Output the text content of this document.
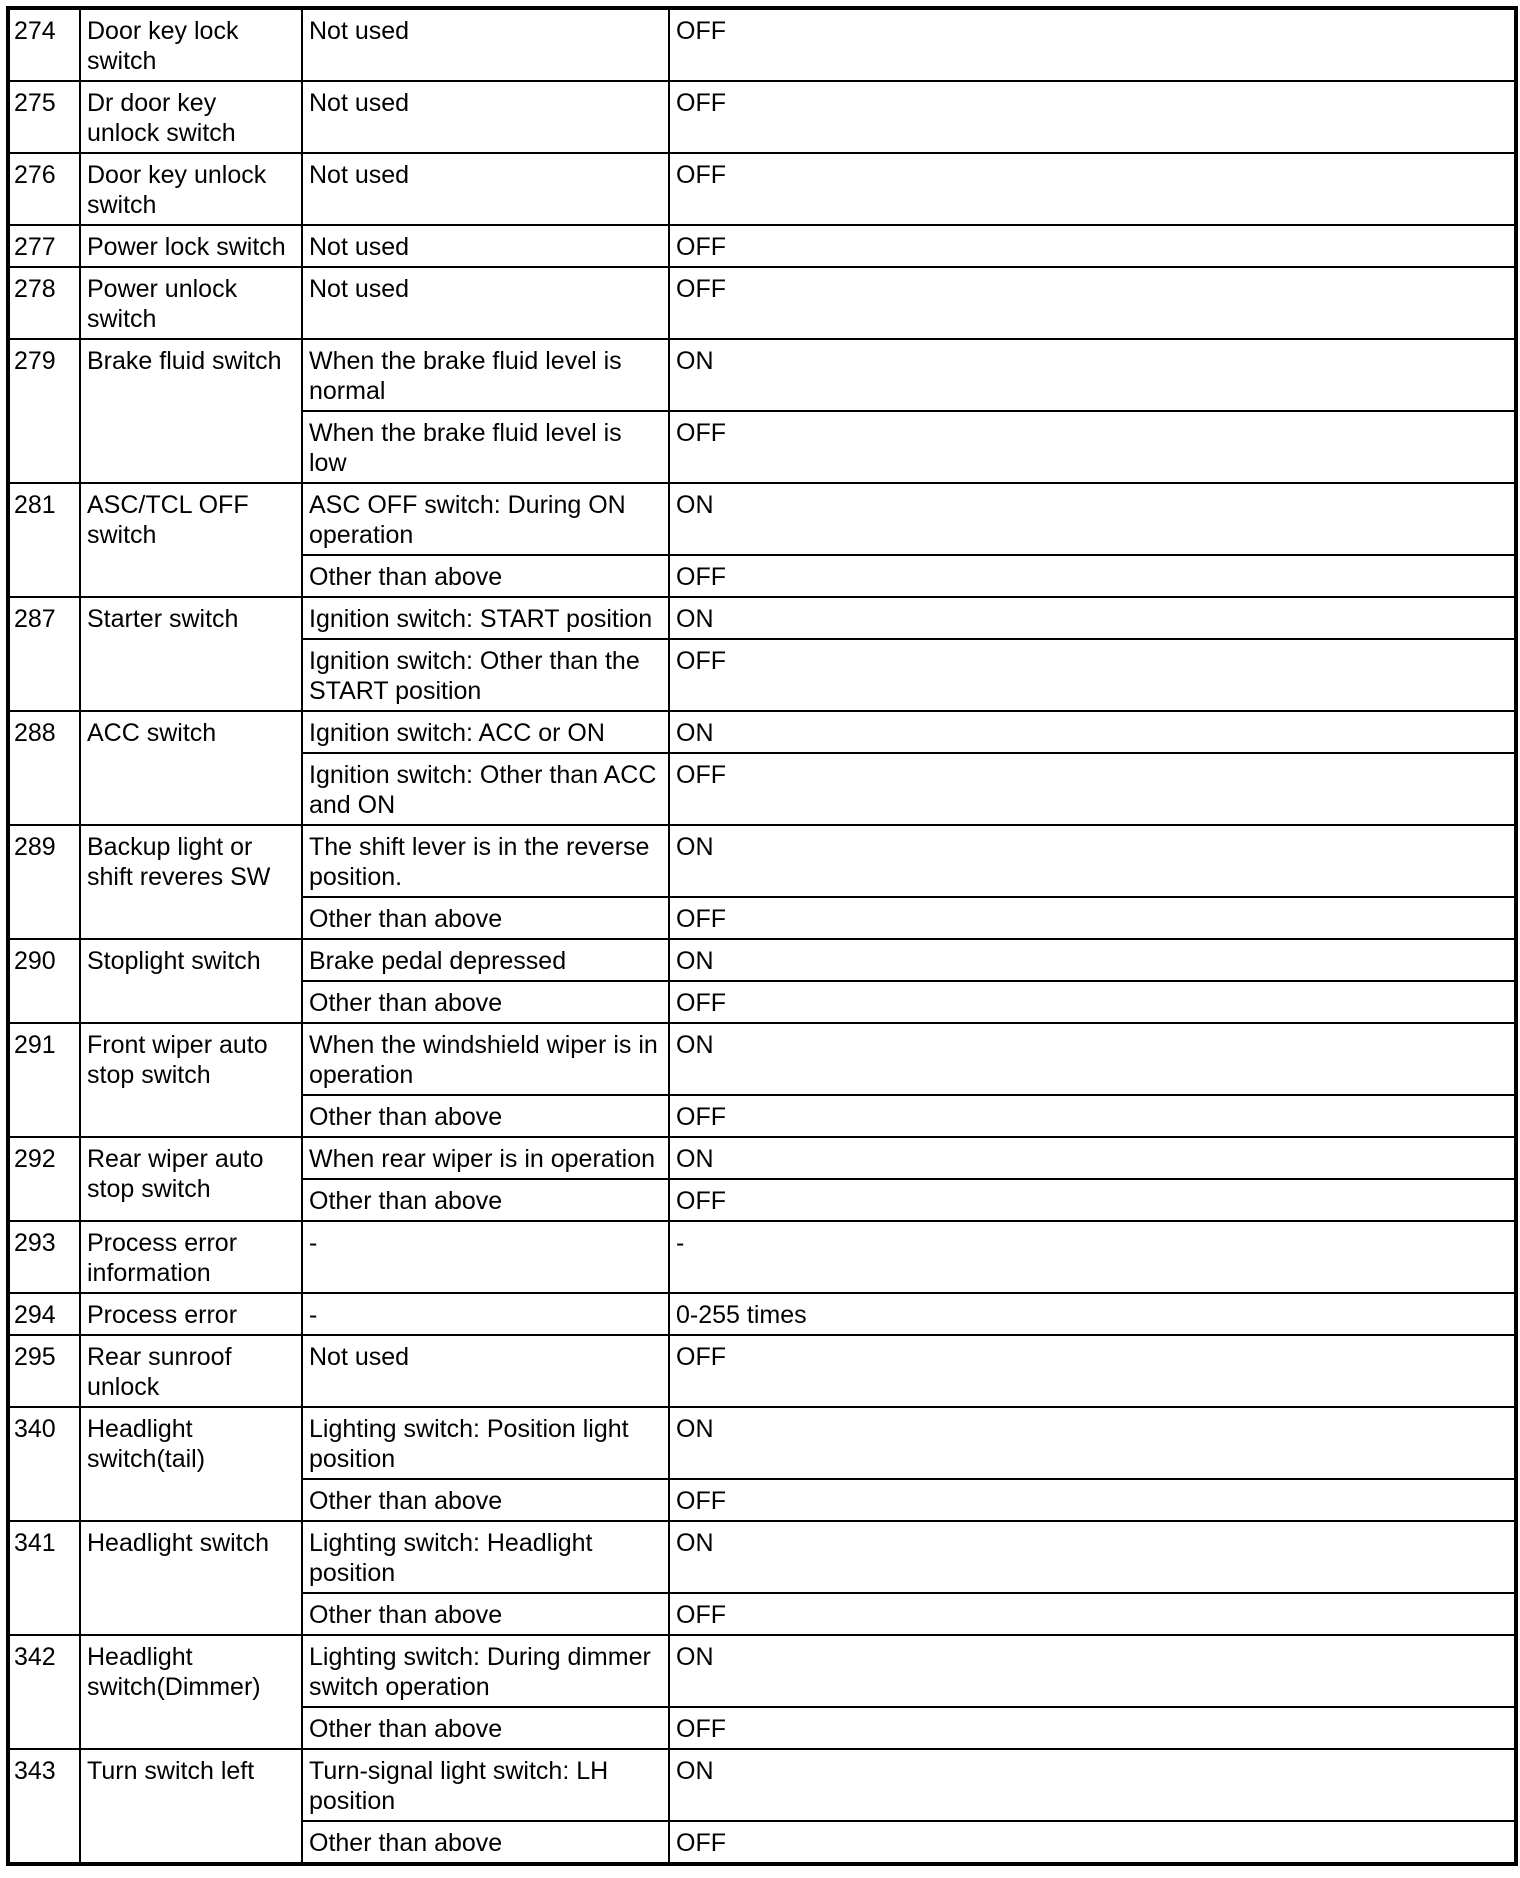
274	Door key lock switch	Not used	OFF
275	Dr door key unlock switch	Not used	OFF
276	Door key unlock switch	Not used	OFF
277	Power lock switch	Not used	OFF
278	Power unlock switch	Not used	OFF
279	Brake fluid switch	When the brake fluid level is normal	ON
		When the brake fluid level is low	OFF
281	ASC/TCL OFF switch	ASC OFF switch: During ON operation	ON
		Other than above	OFF
287	Starter switch	Ignition switch: START position	ON
		Ignition switch: Other than the START position	OFF
288	ACC switch	Ignition switch: ACC or ON	ON
		Ignition switch: Other than ACC and ON	OFF
289	Backup light or shift reveres SW	The shift lever is in the reverse position.	ON
		Other than above	OFF
290	Stoplight switch	Brake pedal depressed	ON
		Other than above	OFF
291	Front wiper auto stop switch	When the windshield wiper is in operation	ON
		Other than above	OFF
292	Rear wiper auto stop switch	When rear wiper is in operation	ON
		Other than above	OFF
293	Process error information	-	-
294	Process error	-	0-255 times
295	Rear sunroof unlock	Not used	OFF
340	Headlight switch(tail)	Lighting switch: Position light position	ON
		Other than above	OFF
341	Headlight switch	Lighting switch: Headlight position	ON
		Other than above	OFF
342	Headlight switch(Dimmer)	Lighting switch: During dimmer switch operation	ON
		Other than above	OFF
343	Turn switch left	Turn-signal light switch: LH position	ON
		Other than above	OFF
